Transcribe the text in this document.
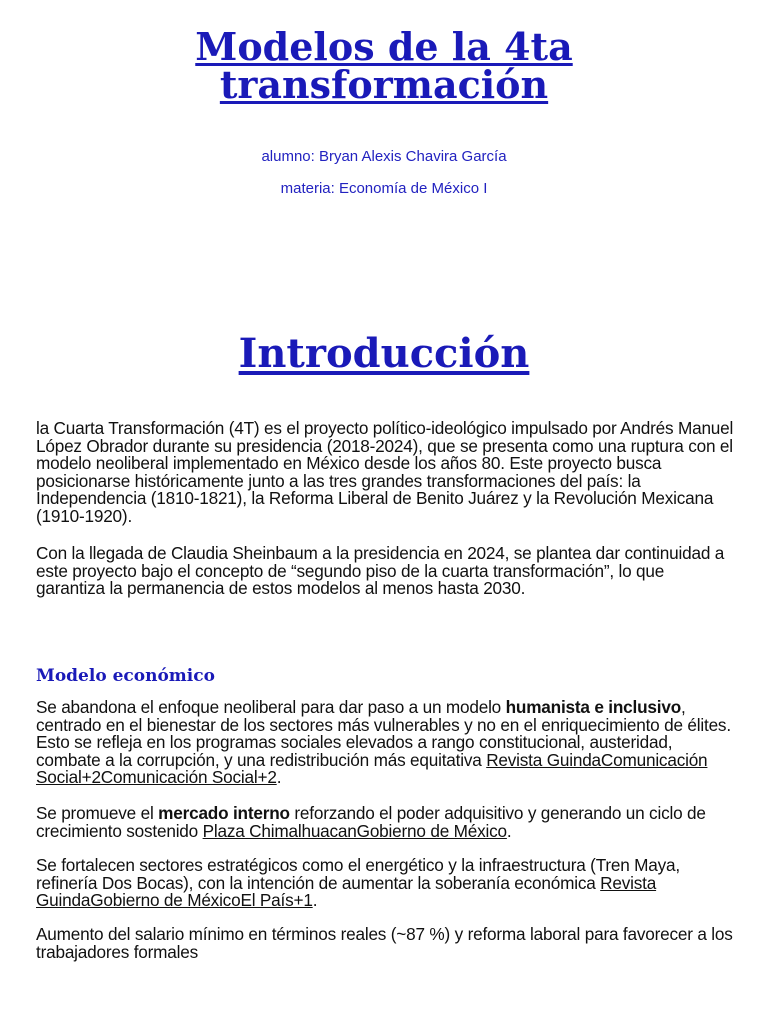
Modelos de la 4ta
transformación
alumno: Bryan Alexis Chavira García
materia: Economía de México I
Introducción
la Cuarta Transformación (4T) es el proyecto político-ideológico impulsado por Andrés Manuel López Obrador durante su presidencia (2018-2024), que se presenta como una ruptura con el modelo neoliberal implementado en México desde los años 80. Este proyecto busca posicionarse históricamente junto a las tres grandes transformaciones del país: la Independencia (1810-1821), la Reforma Liberal de Benito Juárez y la Revolución Mexicana (1910-1920).
Con la llegada de Claudia Sheinbaum a la presidencia en 2024, se plantea dar continuidad a este proyecto bajo el concepto de “segundo piso de la cuarta transformación”, lo que garantiza la permanencia de estos modelos al menos hasta 2030.
Modelo económico
Se abandona el enfoque neoliberal para dar paso a un modelo humanista e inclusivo, centrado en el bienestar de los sectores más vulnerables y no en el enriquecimiento de élites. Esto se refleja en los programas sociales elevados a rango constitucional, austeridad, combate a la corrupción, y una redistribución más equitativa Revista GuindaComunicación Social+2Comunicación Social+2.
Se promueve el mercado interno reforzando el poder adquisitivo y generando un ciclo de crecimiento sostenido Plaza ChimalhuacanGobierno de México.
Se fortalecen sectores estratégicos como el energético y la infraestructura (Tren Maya, refinería Dos Bocas), con la intención de aumentar la soberanía económica Revista GuindaGobierno de MéxicoEl País+1.
Aumento del salario mínimo en términos reales (~87 %) y reforma laboral para favorecer a los trabajadores formales
